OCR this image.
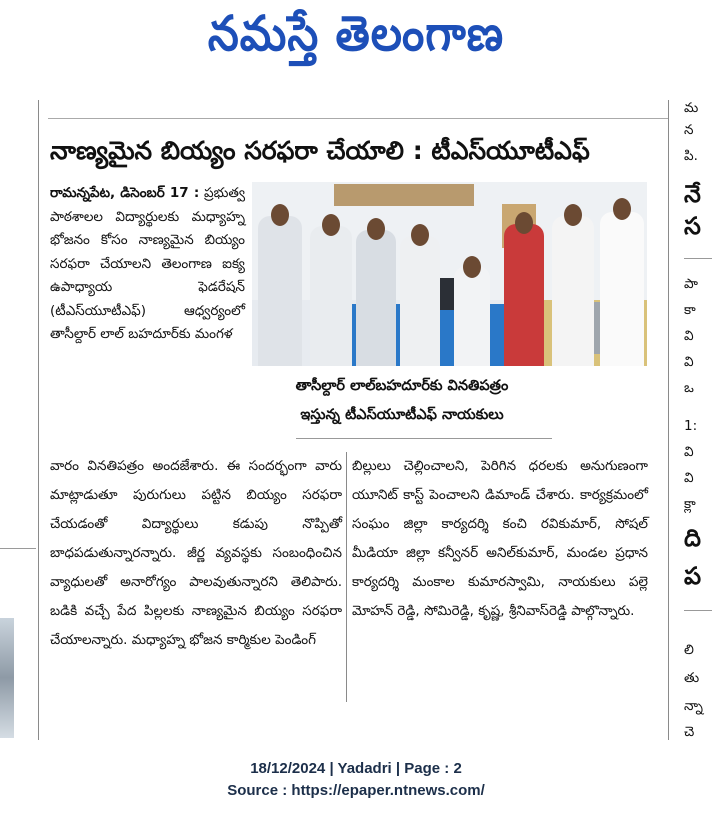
నమస్తే తెలంగాణ
నాణ్యమైన బియ్యం సరఫరా చేయాలి : టీఎస్‌యూటీఎఫ్

రామన్నపేట, డిసెంబర్ 17 : ప్రభుత్వ పాఠశాలల విద్యార్థులకు మధ్యాహ్న భోజనం కోసం నాణ్యమైన బియ్యం సరఫరా చేయాలని తెలంగాణ ఐక్య ఉపాధ్యాయ ఫెడరేషన్ (టీఎస్‌యూటీఎఫ్) ఆధ్వర్యంలో తాసీల్దార్ లాల్ బహదూర్‌కు మంగళ

తాసీల్దార్ లాల్‌బహదూర్‌కు వినతిపత్రం
ఇస్తున్న టీఎస్‌యూటీఎఫ్ నాయకులు

వారం వినతిపత్రం అందజేశారు. ఈ సందర్భంగా వారు మాట్లాడుతూ పురుగులు పట్టిన బియ్యం సరఫరా చేయడంతో విద్యార్థులు కడుపు నొప్పితో బాధపడుతున్నారన్నారు. జీర్ణ వ్యవస్థకు సంబంధించిన వ్యాధులతో అనారోగ్యం పాలవుతున్నారని తెలిపారు. బడికి వచ్చే పేద పిల్లలకు నాణ్యమైన బియ్యం సరఫరా చేయాలన్నారు. మధ్యాహ్న భోజన కార్మికుల పెండింగ్

బిల్లులు చెల్లించాలని, పెరిగిన ధరలకు అనుగుణంగా యూనిట్ కాస్ట్ పెంచాలని డిమాండ్ చేశారు. కార్యక్రమంలో సంఘం జిల్లా కార్యదర్శి కంచి రవికుమార్, సోషల్ మీడియా జిల్లా కన్వీనర్ అనిల్‌కుమార్, మండల ప్రధాన కార్యదర్శి మంకాల కుమారస్వామి, నాయకులు పల్లె మోహన్ రెడ్డి, సోమిరెడ్డి, కృష్ణ, శ్రీనివాస్‌రెడ్డి పాల్గొన్నారు.

మ
న
పి.
నే
స
పా
కా
వి
వి
ఒ
1:
వి
వి
క్లా
ది
ప
లి
తు
న్నా
చె
18/12/2024 | Yadadri | Page : 2
Source : https://epaper.ntnews.com/
